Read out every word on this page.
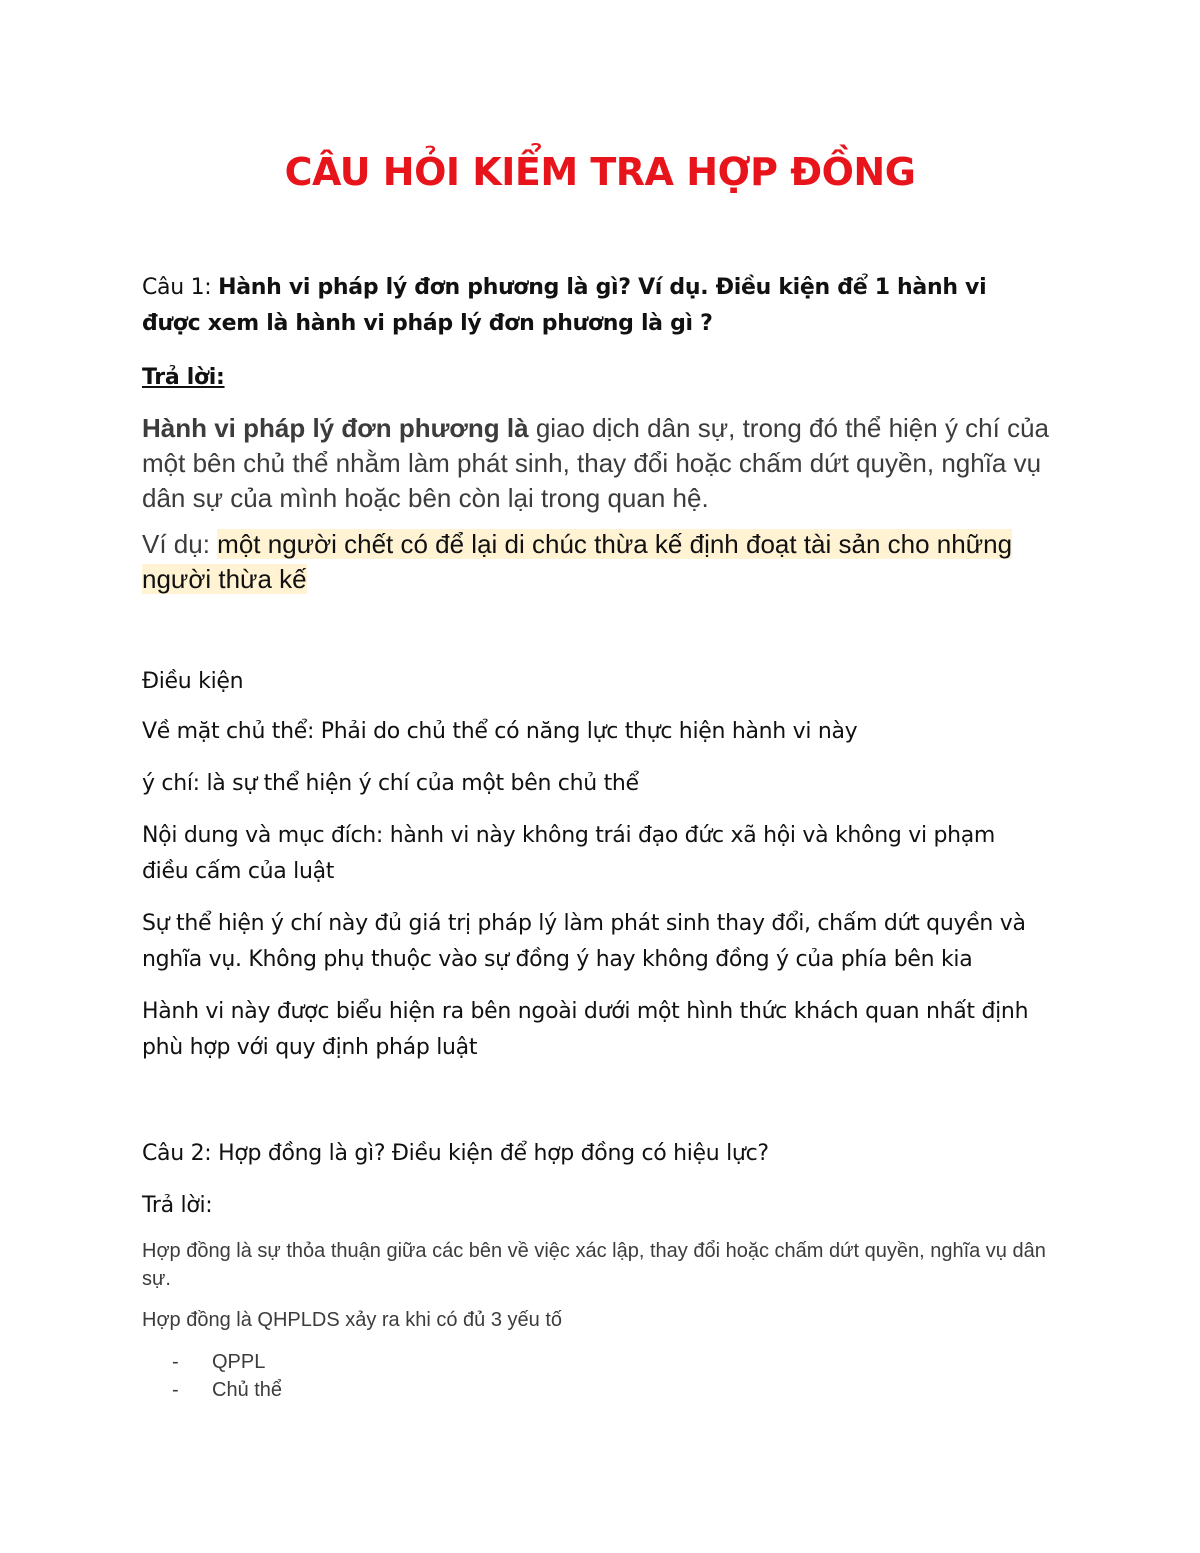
CÂU HỎI KIỂM TRA HỢP ĐỒNG

Câu 1: Hành vi pháp lý đơn phương là gì? Ví dụ. Điều kiện để 1 hành vi được xem là hành vi pháp lý đơn phương là gì ?

Trả lời:

Hành vi pháp lý đơn phương là giao dịch dân sự, trong đó thể hiện ý chí của một bên chủ thể nhằm làm phát sinh, thay đổi hoặc chấm dứt quyền, nghĩa vụ dân sự của mình hoặc bên còn lại trong quan hệ.

Ví dụ: một người chết có để lại di chúc thừa kế định đoạt tài sản cho những người thừa kế

Điều kiện

Về mặt chủ thể: Phải do chủ thể có năng lực thực hiện hành vi này

ý chí: là sự thể hiện ý chí của một bên chủ thể

Nội dung và mục đích: hành vi này không trái đạo đức xã hội và không vi phạm điều cấm của luật

Sự thể hiện ý chí này đủ giá trị pháp lý làm phát sinh thay đổi, chấm dứt quyền và nghĩa vụ. Không phụ thuộc vào sự đồng ý hay không đồng ý của phía bên kia

Hành vi này được biểu hiện ra bên ngoài dưới một hình thức khách quan nhất định phù hợp với quy định pháp luật

Câu 2: Hợp đồng là gì? Điều kiện để hợp đồng có hiệu lực?

Trả lời:

Hợp đồng là sự thỏa thuận giữa các bên về việc xác lập, thay đổi hoặc chấm dứt quyền, nghĩa vụ dân sự.

Hợp đồng là QHPLDS xảy ra khi có đủ 3 yếu tố

- QPPL
- Chủ thể
